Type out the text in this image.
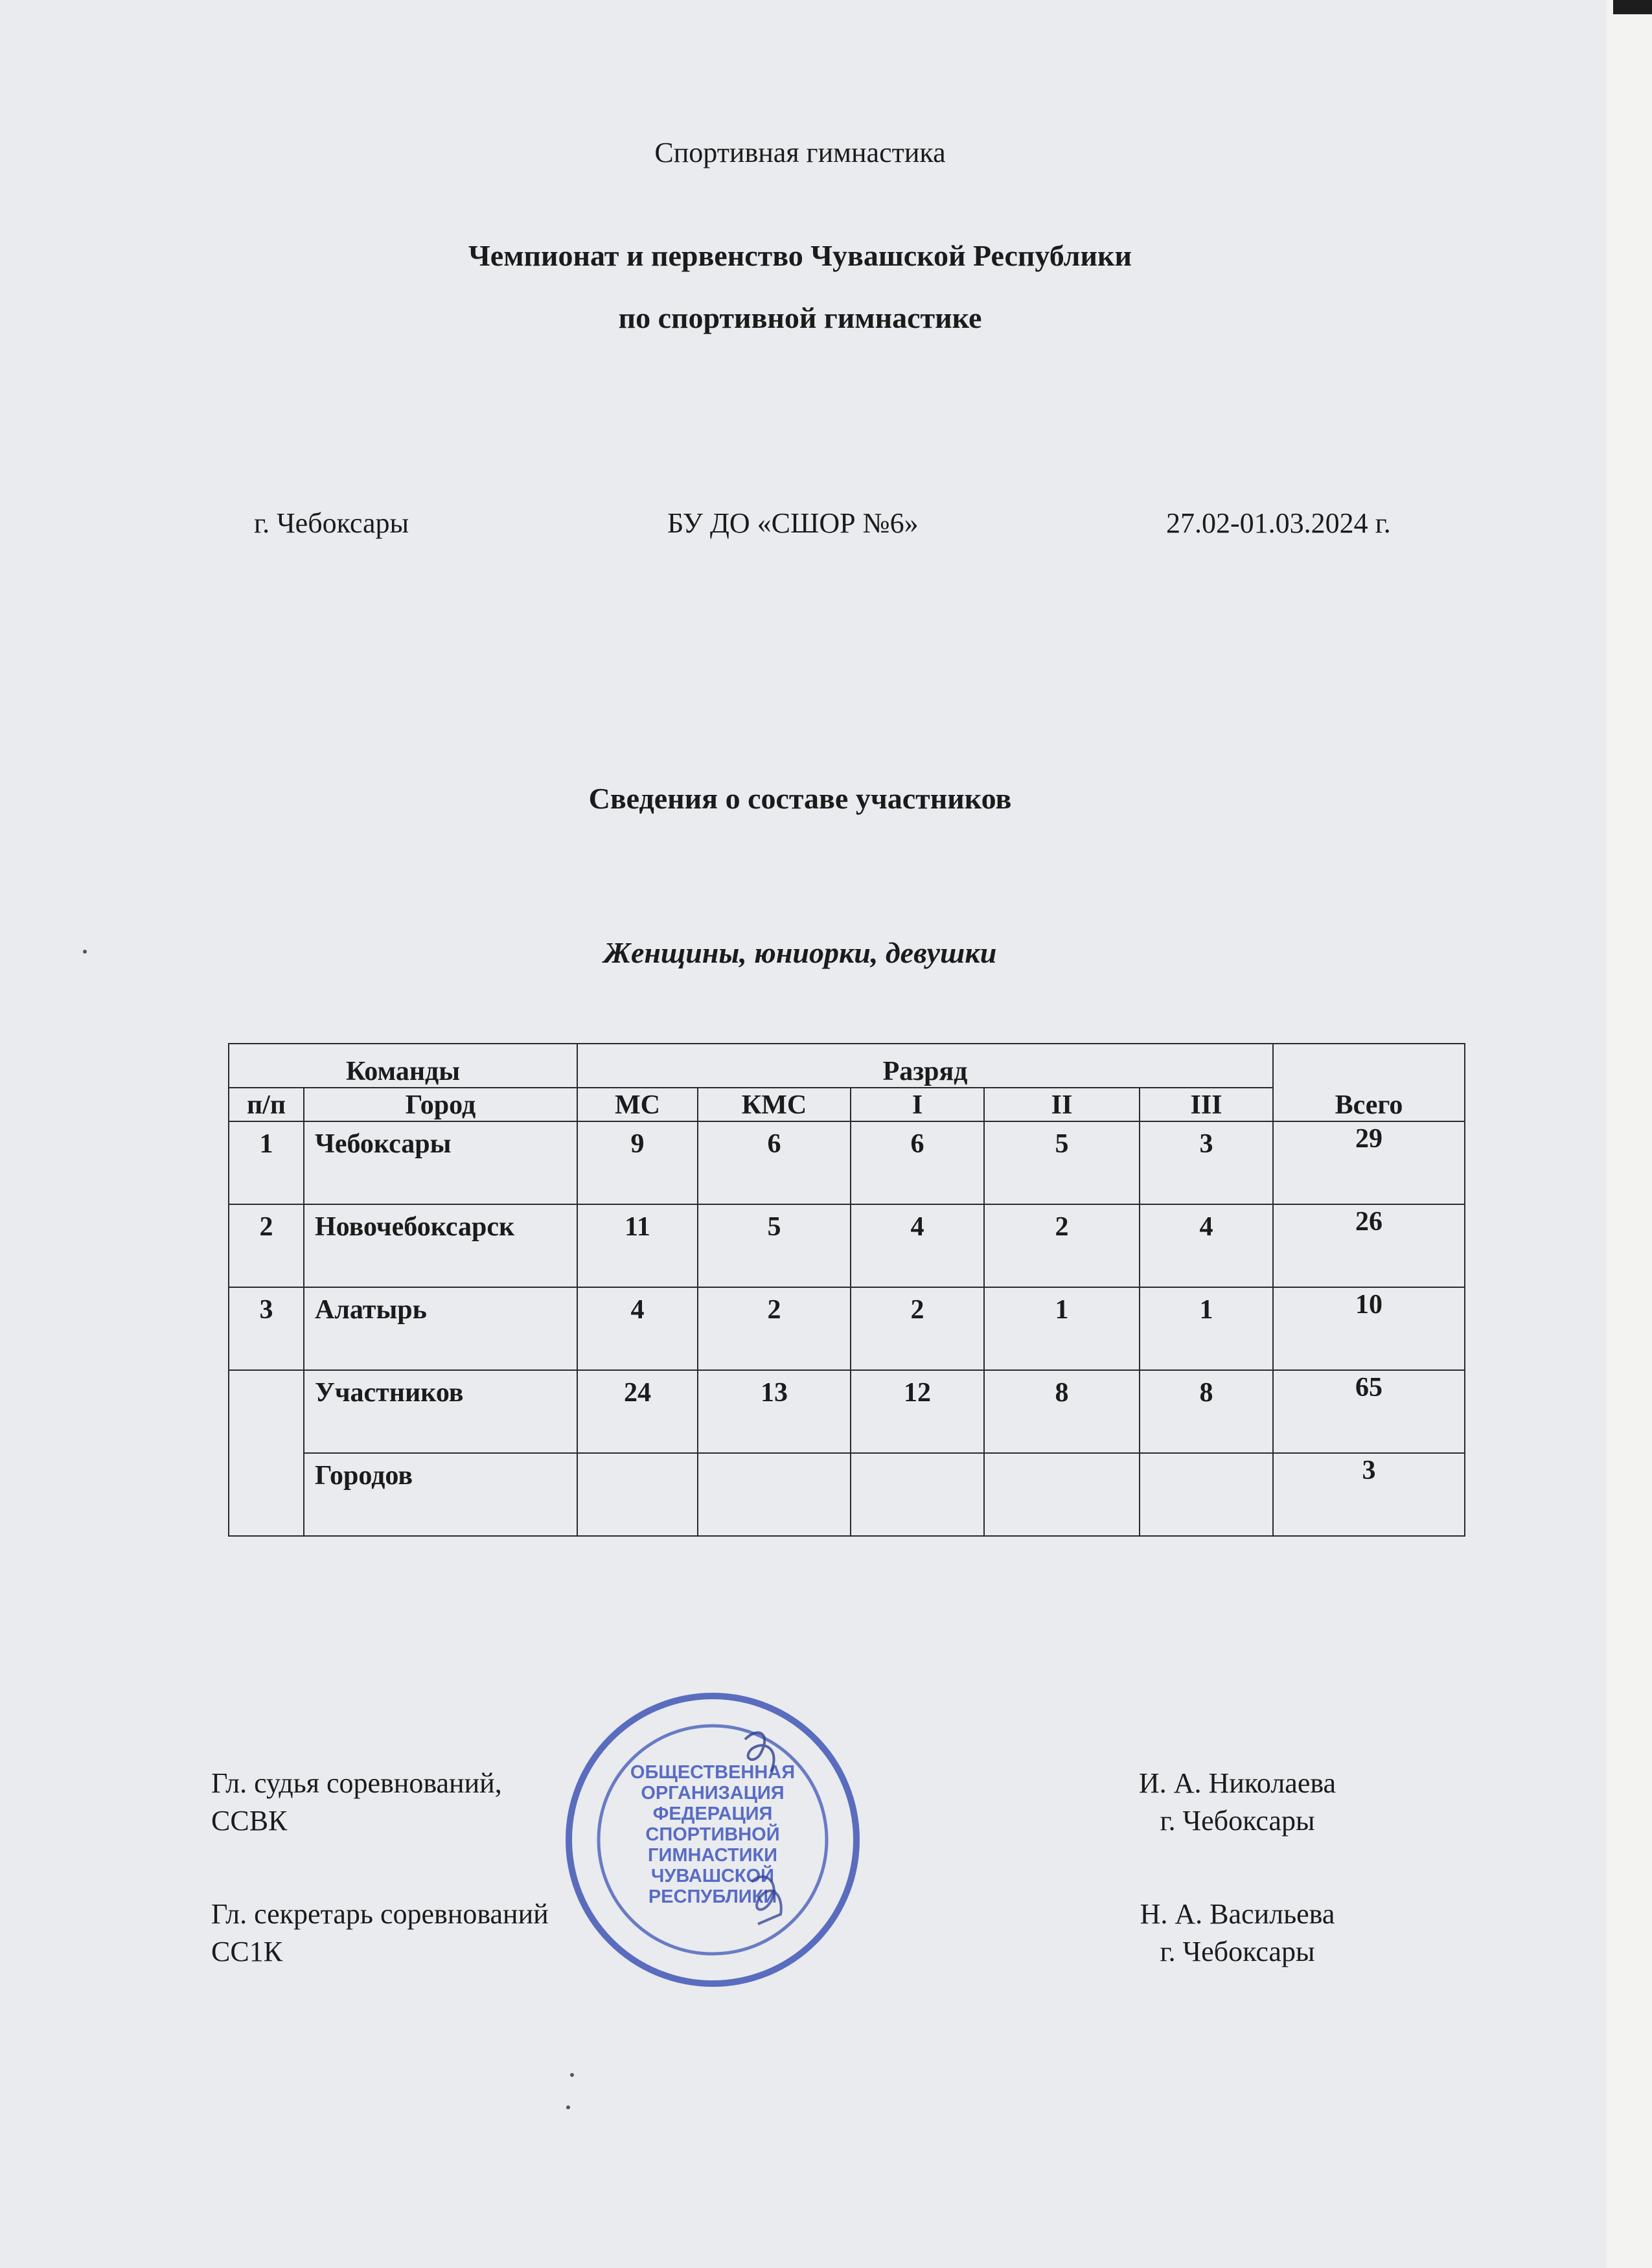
Спортивная гимнастика
Чемпионат и первенство Чувашской Республики
по спортивной гимнастике
г. Чебоксары	БУ ДО «СШОР №6»	27.02-01.03.2024 г.
Сведения о составе участников
Женщины, юниорки, девушки
Команды		Разряд					Всего
п/п	Город	МС	КМС	I	II	III	
1	Чебоксары	9	6	6	5	3	29
2	Новочебоксарск	11	5	4	2	4	26
3	Алатырь	4	2	2	1	1	10
	Участников	24	13	12	8	8	65
	Городов						3
Гл. судья соревнований,
ССВК
Гл. секретарь соревнований
СС1К
И. А. Николаева
г. Чебоксары
Н. А. Васильева
г. Чебоксары
ОБЩЕСТВЕННАЯ
ОРГАНИЗАЦИЯ
ФЕДЕРАЦИЯ
СПОРТИВНОЙ
ГИМНАСТИКИ
ЧУВАШСКОЙ
РЕСПУБЛИКИ
